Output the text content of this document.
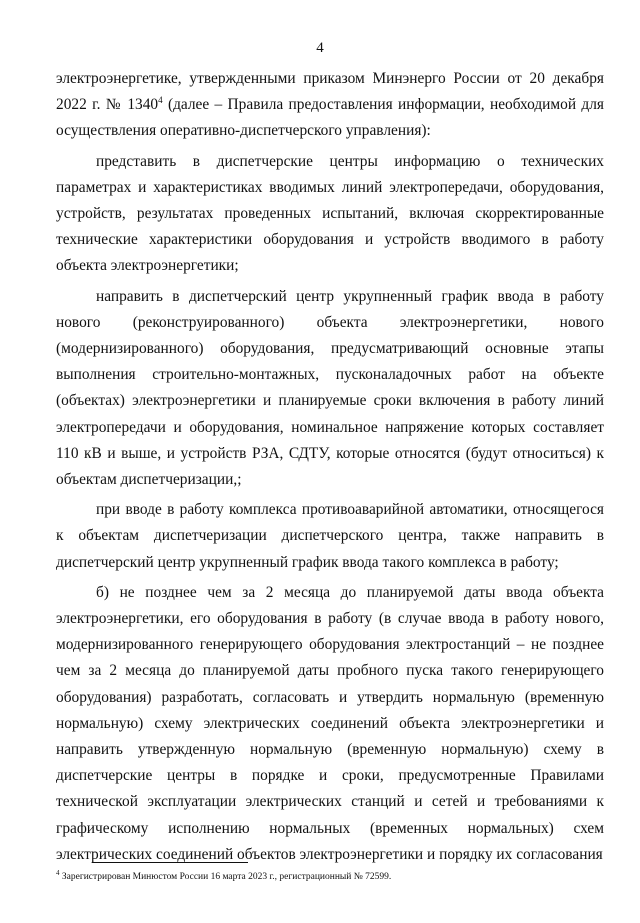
4

электроэнергетике, утвержденными приказом Минэнерго России от 20 декабря 2022 г. № 1340$^4$ (далее – Правила предоставления информации, необходимой для осуществления оперативно-диспетчерского управления):

представить в диспетчерские центры информацию о технических параметрах и характеристиках вводимых линий электропередачи, оборудования, устройств, результатах проведенных испытаний, включая скорректированные технические характеристики оборудования и устройств вводимого в работу объекта электроэнергетики;

направить в диспетчерский центр укрупненный график ввода в работу нового (реконструированного) объекта электроэнергетики, нового (модернизированного) оборудования, предусматривающий основные этапы выполнения строительно-монтажных, пусконаладочных работ на объекте (объектах) электроэнергетики и планируемые сроки включения в работу линий электропередачи и оборудования, номинальное напряжение которых составляет 110 кВ и выше, и устройств РЗА, СДТУ, которые относятся (будут относиться) к объектам диспетчеризации,;

при вводе в работу комплекса противоаварийной автоматики, относящегося к объектам диспетчеризации диспетчерского центра, также направить в диспетчерский центр укрупненный график ввода такого комплекса в работу;

б) не позднее чем за 2 месяца до планируемой даты ввода объекта электроэнергетики, его оборудования в работу (в случае ввода в работу нового, модернизированного генерирующего оборудования электростанций – не позднее чем за 2 месяца до планируемой даты пробного пуска такого генерирующего оборудования) разработать, согласовать и утвердить нормальную (временную нормальную) схему электрических соединений объекта электроэнергетики и направить утвержденную нормальную (временную нормальную) схему в диспетчерские центры в порядке и сроки, предусмотренные Правилами технической эксплуатации электрических станций и сетей и требованиями к графическому исполнению нормальных (временных нормальных) схем электрических соединений объектов электроэнергетики и порядку их согласования

$^4$ Зарегистрирован Минюстом России 16 марта 2023 г., регистрационный № 72599.
